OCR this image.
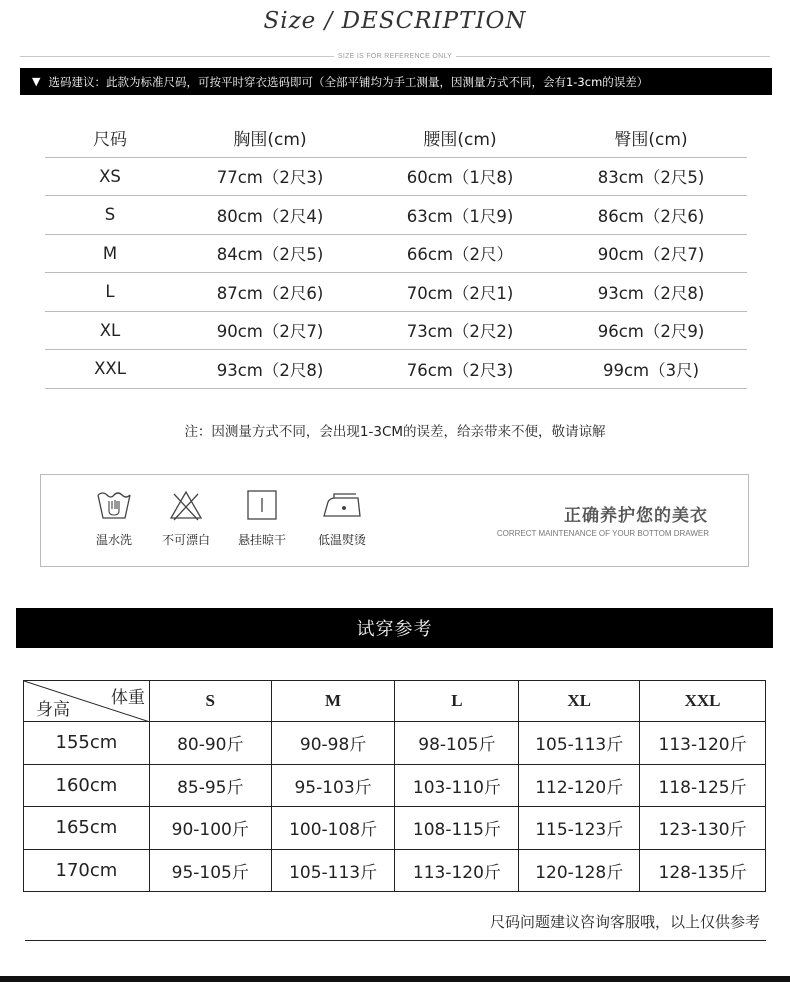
Size / DESCRIPTION
SIZE IS FOR REFERENCE ONLY
▼ 选码建议：此款为标准尺码，可按平时穿衣选码即可（全部平铺均为手工测量，因测量方式不同，会有1-3cm的误差）
尺码	胸围(cm)	腰围(cm)	臀围(cm)
XS	77cm（2尺3)	60cm（1尺8)	83cm（2尺5)
S	80cm（2尺4)	63cm（1尺9)	86cm（2尺6)
M	84cm（2尺5)	66cm（2尺）	90cm（2尺7)
L	87cm（2尺6)	70cm（2尺1)	93cm（2尺8)
XL	90cm（2尺7)	73cm（2尺2)	96cm（2尺9)
XXL	93cm（2尺8)	76cm（2尺3)	99cm（3尺)
注：因测量方式不同，会出现1-3CM的误差，给亲带来不便，敬请谅解
温水洗	不可漂白	悬挂晾干	低温熨烫
正确养护您的美衣
CORRECT MAINTENANCE OF YOUR BOTTOM DRAWER
试穿参考
体重
身高	S	M	L	XL	XXL
155cm	80-90斤	90-98斤	98-105斤	105-113斤	113-120斤
160cm	85-95斤	95-103斤	103-110斤	112-120斤	118-125斤
165cm	90-100斤	100-108斤	108-115斤	115-123斤	123-130斤
170cm	95-105斤	105-113斤	113-120斤	120-128斤	128-135斤
尺码问题建议咨询客服哦，以上仅供参考
